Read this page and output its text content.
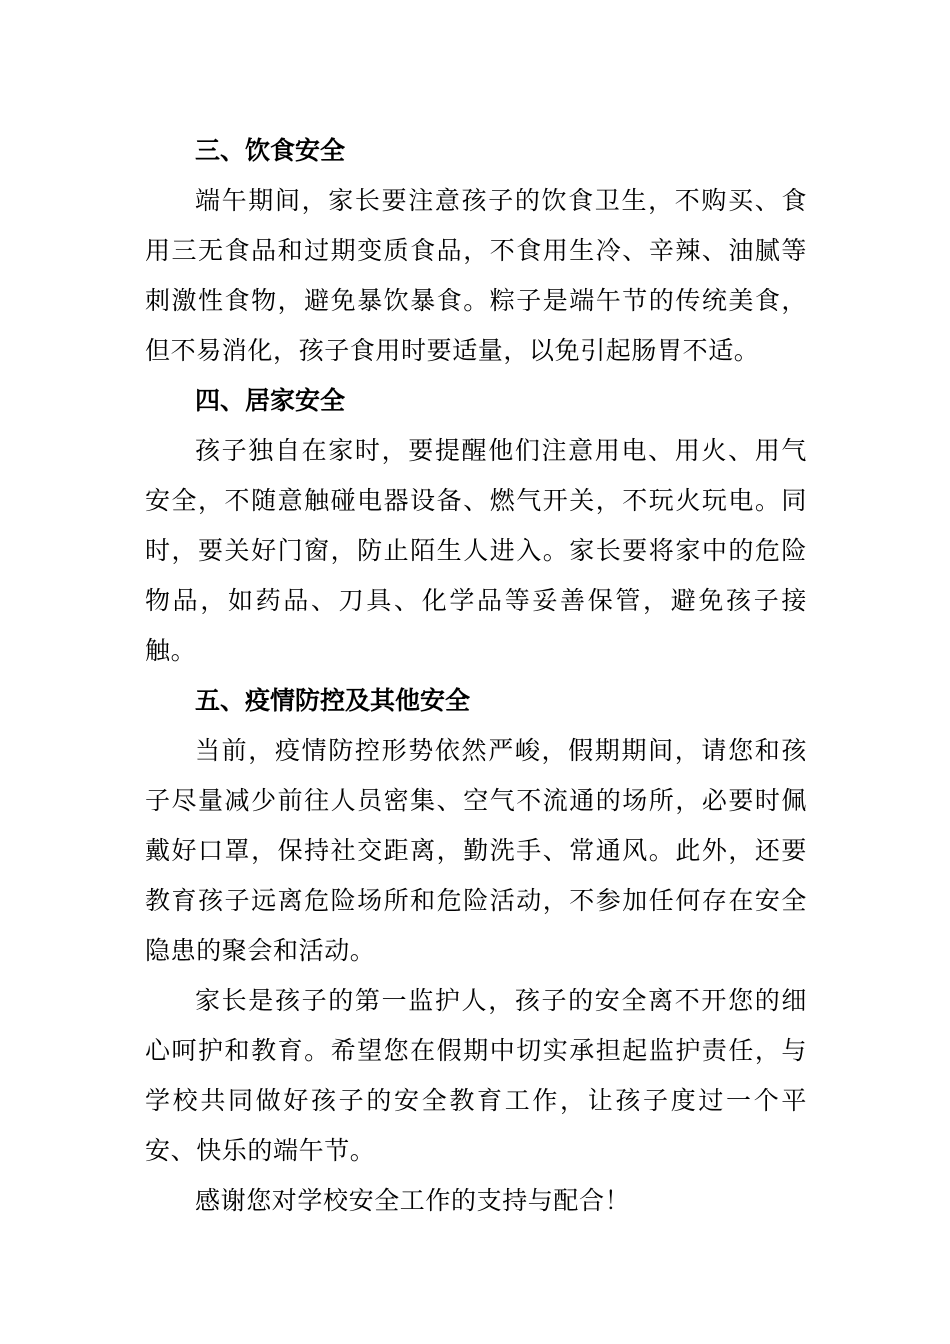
三、饮食安全

端午期间，家长要注意孩子的饮食卫生，不购买、食用三无食品和过期变质食品，不食用生冷、辛辣、油腻等刺激性食物，避免暴饮暴食。粽子是端午节的传统美食，但不易消化，孩子食用时要适量，以免引起肠胃不适。

四、居家安全

孩子独自在家时，要提醒他们注意用电、用火、用气安全，不随意触碰电器设备、燃气开关，不玩火玩电。同时，要关好门窗，防止陌生人进入。家长要将家中的危险物品，如药品、刀具、化学品等妥善保管，避免孩子接触。

五、疫情防控及其他安全

当前，疫情防控形势依然严峻，假期期间，请您和孩子尽量减少前往人员密集、空气不流通的场所，必要时佩戴好口罩，保持社交距离，勤洗手、常通风。此外，还要教育孩子远离危险场所和危险活动，不参加任何存在安全隐患的聚会和活动。

家长是孩子的第一监护人，孩子的安全离不开您的细心呵护和教育。希望您在假期中切实承担起监护责任，与学校共同做好孩子的安全教育工作，让孩子度过一个平安、快乐的端午节。

感谢您对学校安全工作的支持与配合！
